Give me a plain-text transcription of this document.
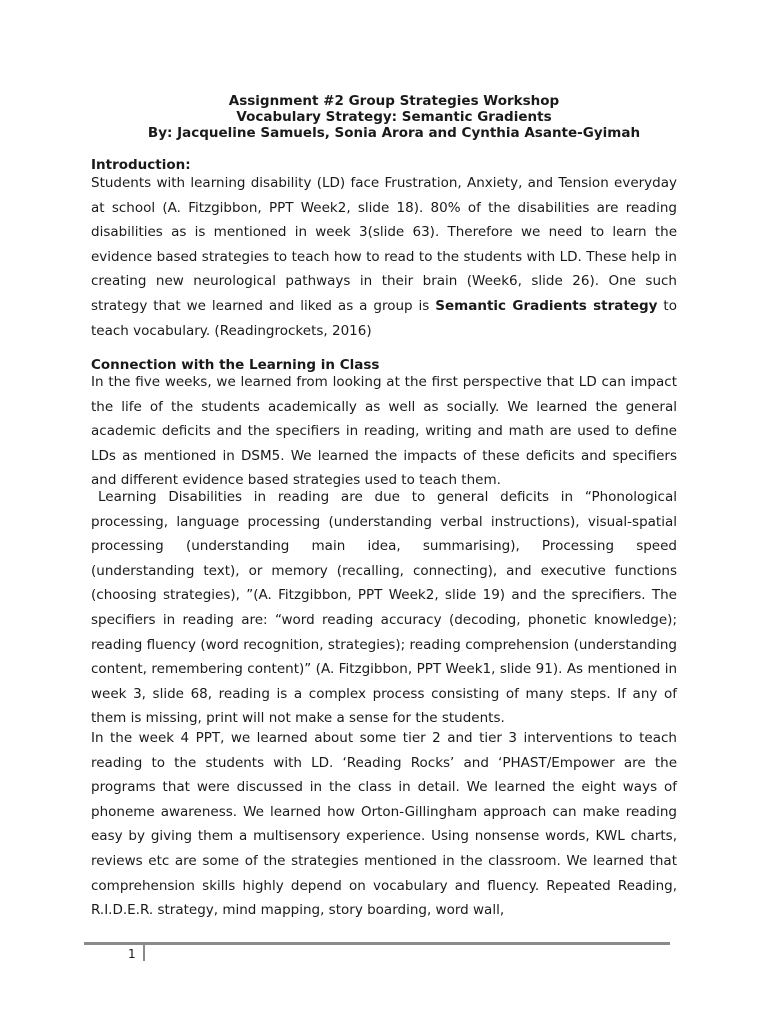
Assignment #2 Group Strategies Workshop
Vocabulary Strategy: Semantic Gradients
By: Jacqueline Samuels, Sonia Arora and Cynthia Asante-Gyimah
Introduction:
Students with learning disability (LD) face Frustration, Anxiety, and Tension everyday at school (A. Fitzgibbon, PPT Week2, slide 18). 80% of the disabilities are reading disabilities as is mentioned in week 3(slide 63). Therefore we need to learn the evidence based strategies to teach how to read to the students with LD. These help in creating new neurological pathways in their brain (Week6, slide 26). One such strategy that we learned and liked as a group is Semantic Gradients strategy to teach vocabulary. (Readingrockets, 2016)
Connection with the Learning in Class
In the five weeks, we learned from looking at the first perspective that LD can impact the life of the students academically as well as socially. We learned the general academic deficits and the specifiers in reading, writing and math are used to define LDs as mentioned in DSM5. We learned the impacts of these deficits and specifiers and different evidence based strategies used to teach them.
Learning Disabilities in reading are due to general deficits in “Phonological processing, language processing (understanding verbal instructions), visual-spatial processing (understanding main idea, summarising), Processing speed (understanding text), or memory (recalling, connecting), and executive functions (choosing strategies), ”(A. Fitzgibbon, PPT Week2, slide 19) and the sprecifiers. The specifiers in reading are: “word reading accuracy (decoding, phonetic knowledge); reading fluency (word recognition, strategies); reading comprehension (understanding content, remembering content)” (A. Fitzgibbon, PPT Week1, slide 91). As mentioned in week 3, slide 68, reading is a complex process consisting of many steps. If any of them is missing, print will not make a sense for the students.
In the week 4 PPT, we learned about some tier 2 and tier 3 interventions to teach reading to the students with LD. ‘Reading Rocks’ and ‘PHAST/Empower are the programs that were discussed in the class in detail. We learned the eight ways of phoneme awareness. We learned how Orton-Gillingham approach can make reading easy by giving them a multisensory experience. Using nonsense words, KWL charts, reviews etc are some of the strategies mentioned in the classroom. We learned that comprehension skills highly depend on vocabulary and fluency. Repeated Reading, R.I.D.E.R. strategy, mind mapping, story boarding, word wall,
1
